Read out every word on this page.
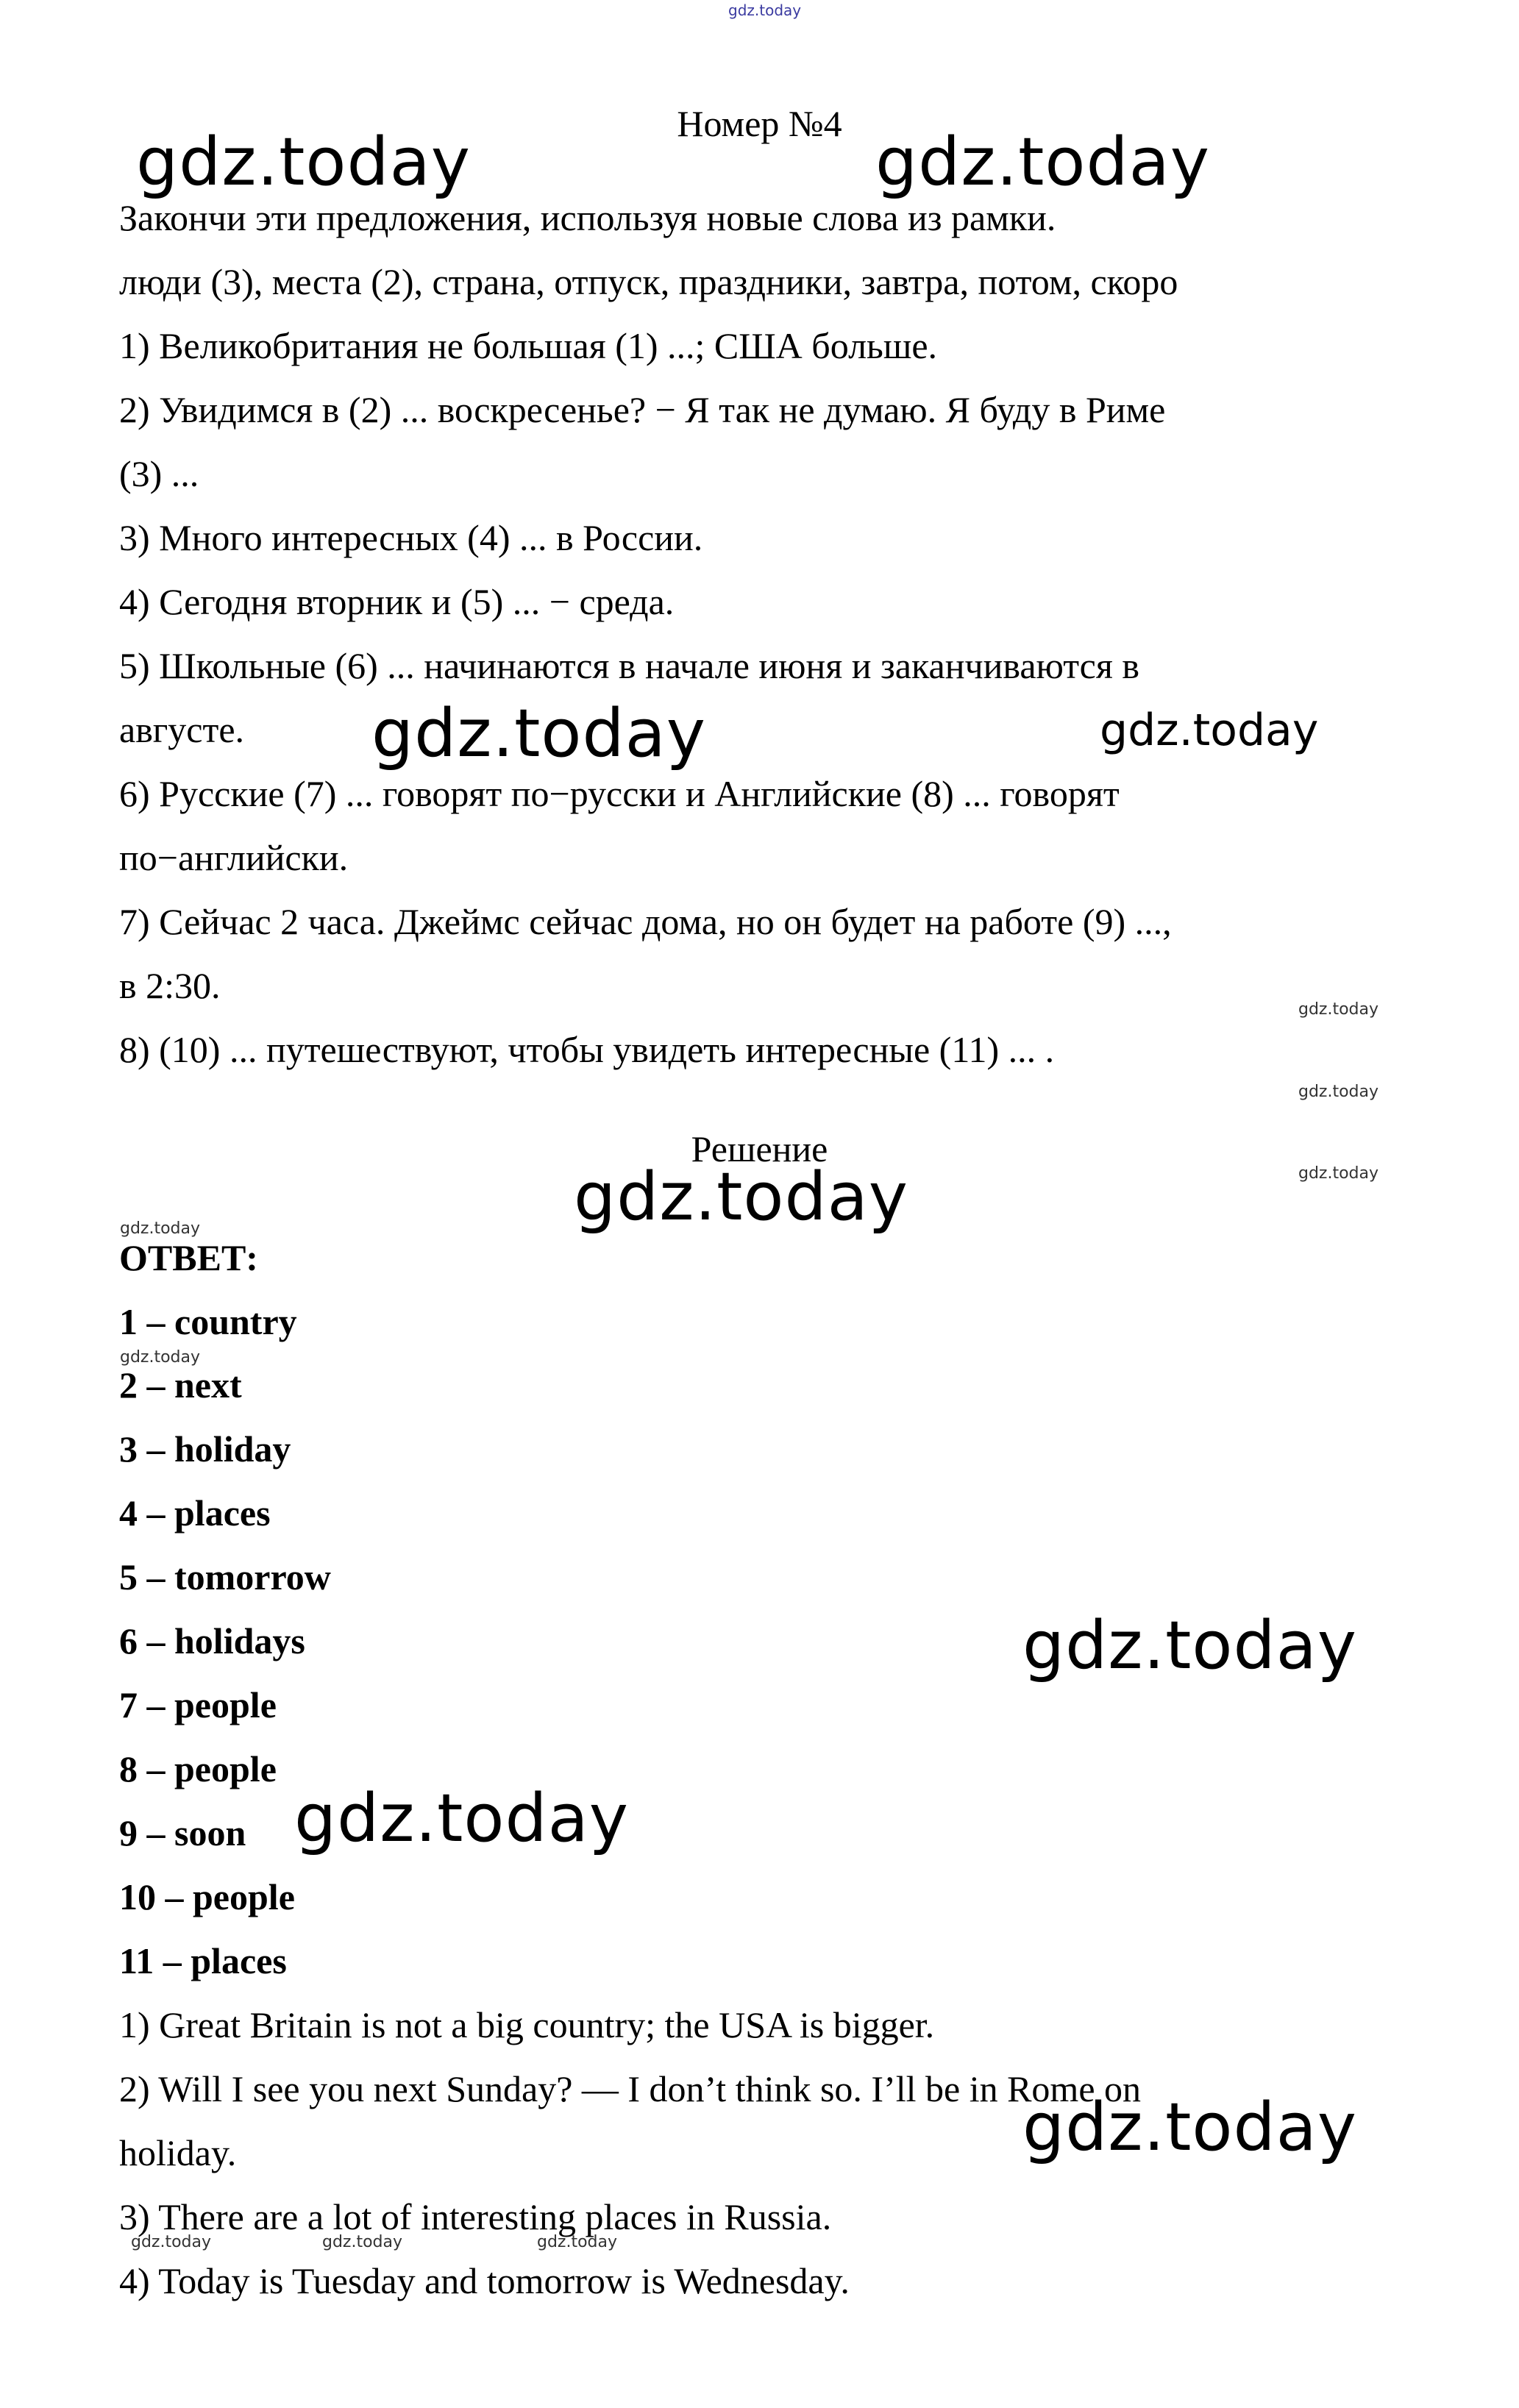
gdz.today
Номер №4
Закончи эти предложения, используя новые слова из рамки.
люди (3), места (2), страна, отпуск, праздники, завтра, потом, скоро
1) Великобритания не большая (1) ...; США больше.
2) Увидимся в (2) ... воскресенье? − Я так не думаю. Я буду в Риме
(3) ...
3) Много интересных (4) ... в России.
4) Сегодня вторник и (5) ... − среда.
5) Школьные (6) ... начинаются в начале июня и заканчиваются в
августе.
6) Русские (7) ... говорят по−русски и Английские (8) ... говорят
по−английски.
7) Сейчас 2 часа. Джеймс сейчас дома, но он будет на работе (9) ...,
в 2:30.
8) (10) ... путешествуют, чтобы увидеть интересные (11) ... .
Решение
ОТВЕТ:
1 – country
2 – next
3 – holiday
4 – places
5 – tomorrow
6 – holidays
7 – people
8 – people
9 – soon
10 – people
11 – places
1) Great Britain is not a big country; the USA is bigger.
2) Will I see you next Sunday? — I don’t think so. I’ll be in Rome on
holiday.
3) There are a lot of interesting places in Russia.
4) Today is Tuesday and tomorrow is Wednesday.
gdz.today	gdz.today
gdz.today	gdz.today
gdz.today
gdz.today
gdz.today
gdz.today
gdz.today
gdz.today
gdz.today
gdz.today
gdz.today
gdz.today	gdz.today	gdz.today
